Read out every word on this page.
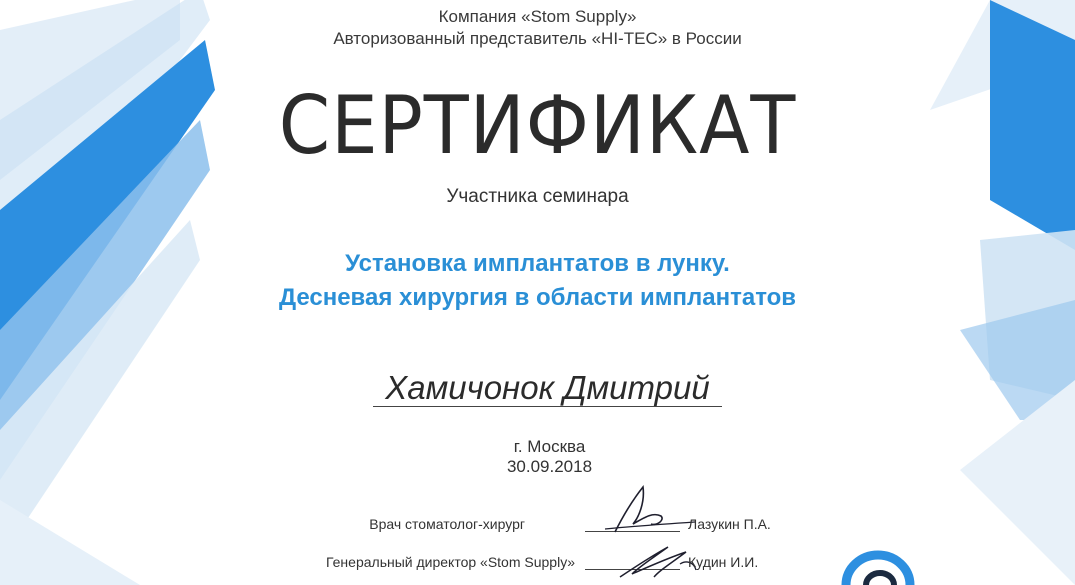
Компания «Stom Supply»
Авторизованный представитель «HI-TEC» в России
СЕРТИФИКАТ
Участника семинара
Установка имплантатов в лунку.
Десневая хирургия в области имплантатов
Хамичонок Дмитрий
г. Москва
30.09.2018
Врач стоматолог-хирург	Лазукин П.А.
Генеральный директор «Stom Supply»	Кудин И.И.
